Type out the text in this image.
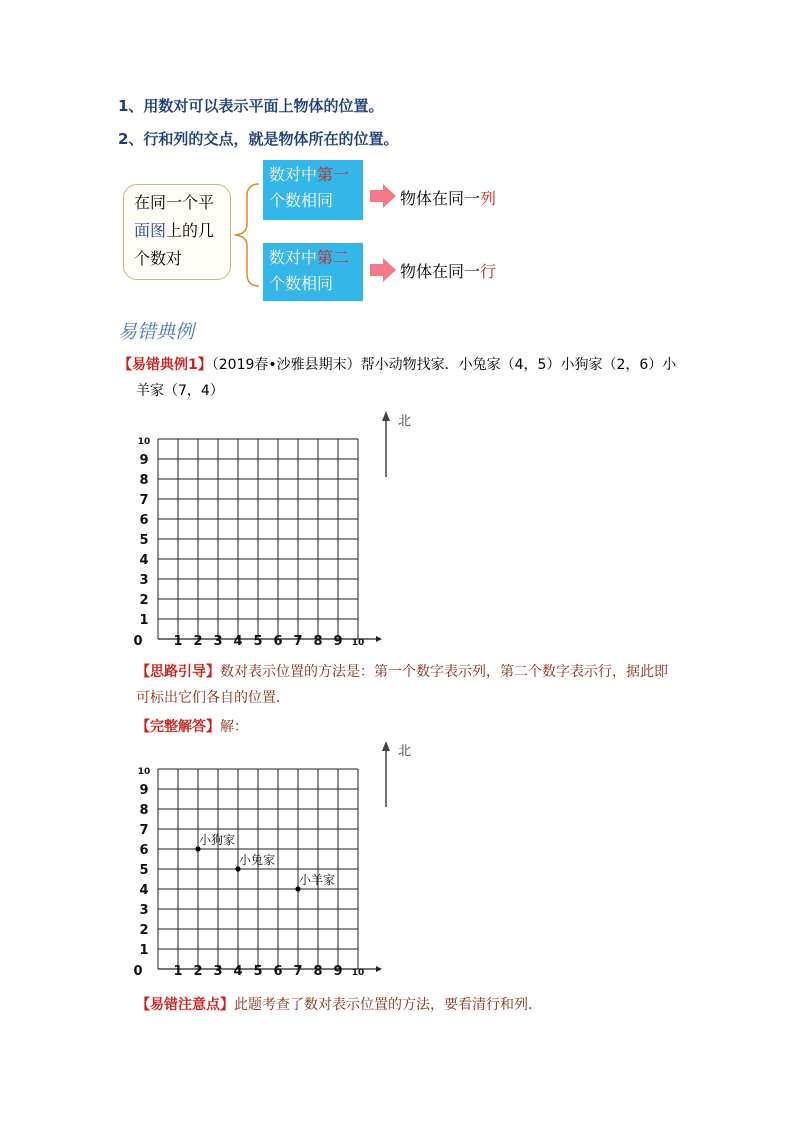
1、用数对可以表示平面上物体的位置。
2、行和列的交点，就是物体所在的位置。
在同一个平面图上的几
个数对
数对中第一
个数相同
数对中第二
个数相同
物体在同一列
物体在同一行
易错典例
【易错典例1】（2019春•沙雅县期末）帮小动物找家．小兔家（4，5）小狗家（2，6）小
羊家（7，4）
北
0 1 2 3 4 5 6 7 8 9 10
1
2
3
4
5
6
7
8
9
10
【思路引导】数对表示位置的方法是：第一个数字表示列，第二个数字表示行，据此即
可标出它们各自的位置．
【完整解答】解：
北
0 1 2 3 4 5 6 7 8 9 10
1
2
3
4
5
6
7
8
9
10
小狗家
小兔家
小羊家
【易错注意点】此题考查了数对表示位置的方法，要看清行和列．
